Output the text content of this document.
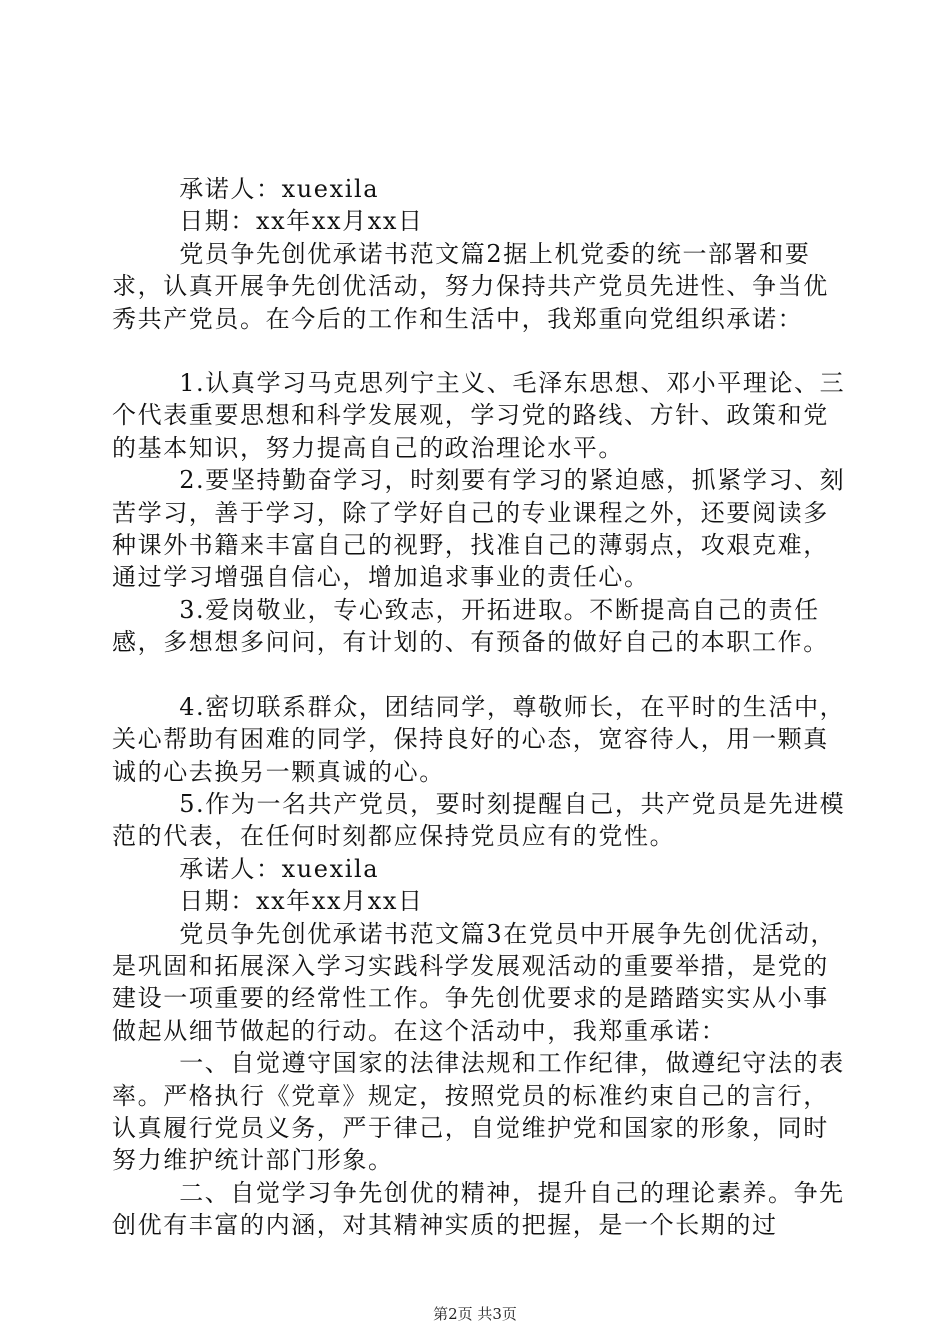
承诺人：xuexila

日期：xx年xx月xx日

党员争先创优承诺书范文篇2据上机党委的统一部署和要求，认真开展争先创优活动，努力保持共产党员先进性、争当优秀共产党员。在今后的工作和生活中，我郑重向党组织承诺：

1.认真学习马克思列宁主义、毛泽东思想、邓小平理论、三个代表重要思想和科学发展观，学习党的路线、方针、政策和党的基本知识，努力提高自己的政治理论水平。

2.要坚持勤奋学习，时刻要有学习的紧迫感，抓紧学习、刻苦学习，善于学习，除了学好自己的专业课程之外，还要阅读多种课外书籍来丰富自己的视野，找准自己的薄弱点，攻艰克难，通过学习增强自信心，增加追求事业的责任心。

3.爱岗敬业，专心致志，开拓进取。不断提高自己的责任感，多想想多问问，有计划的、有预备的做好自己的本职工作。

4.密切联系群众，团结同学，尊敬师长，在平时的生活中，关心帮助有困难的同学，保持良好的心态，宽容待人，用一颗真诚的心去换另一颗真诚的心。

5.作为一名共产党员，要时刻提醒自己，共产党员是先进模范的代表，在任何时刻都应保持党员应有的党性。

承诺人：xuexila

日期：xx年xx月xx日

党员争先创优承诺书范文篇3在党员中开展争先创优活动，是巩固和拓展深入学习实践科学发展观活动的重要举措，是党的建设一项重要的经常性工作。争先创优要求的是踏踏实实从小事做起从细节做起的行动。在这个活动中，我郑重承诺：

一、自觉遵守国家的法律法规和工作纪律，做遵纪守法的表率。严格执行《党章》规定，按照党员的标准约束自己的言行，认真履行党员义务，严于律己，自觉维护党和国家的形象，同时努力维护统计部门形象。

二、自觉学习争先创优的精神，提升自己的理论素养。争先创优有丰富的内涵，对其精神实质的把握，是一个长期的过

第2页 共3页
